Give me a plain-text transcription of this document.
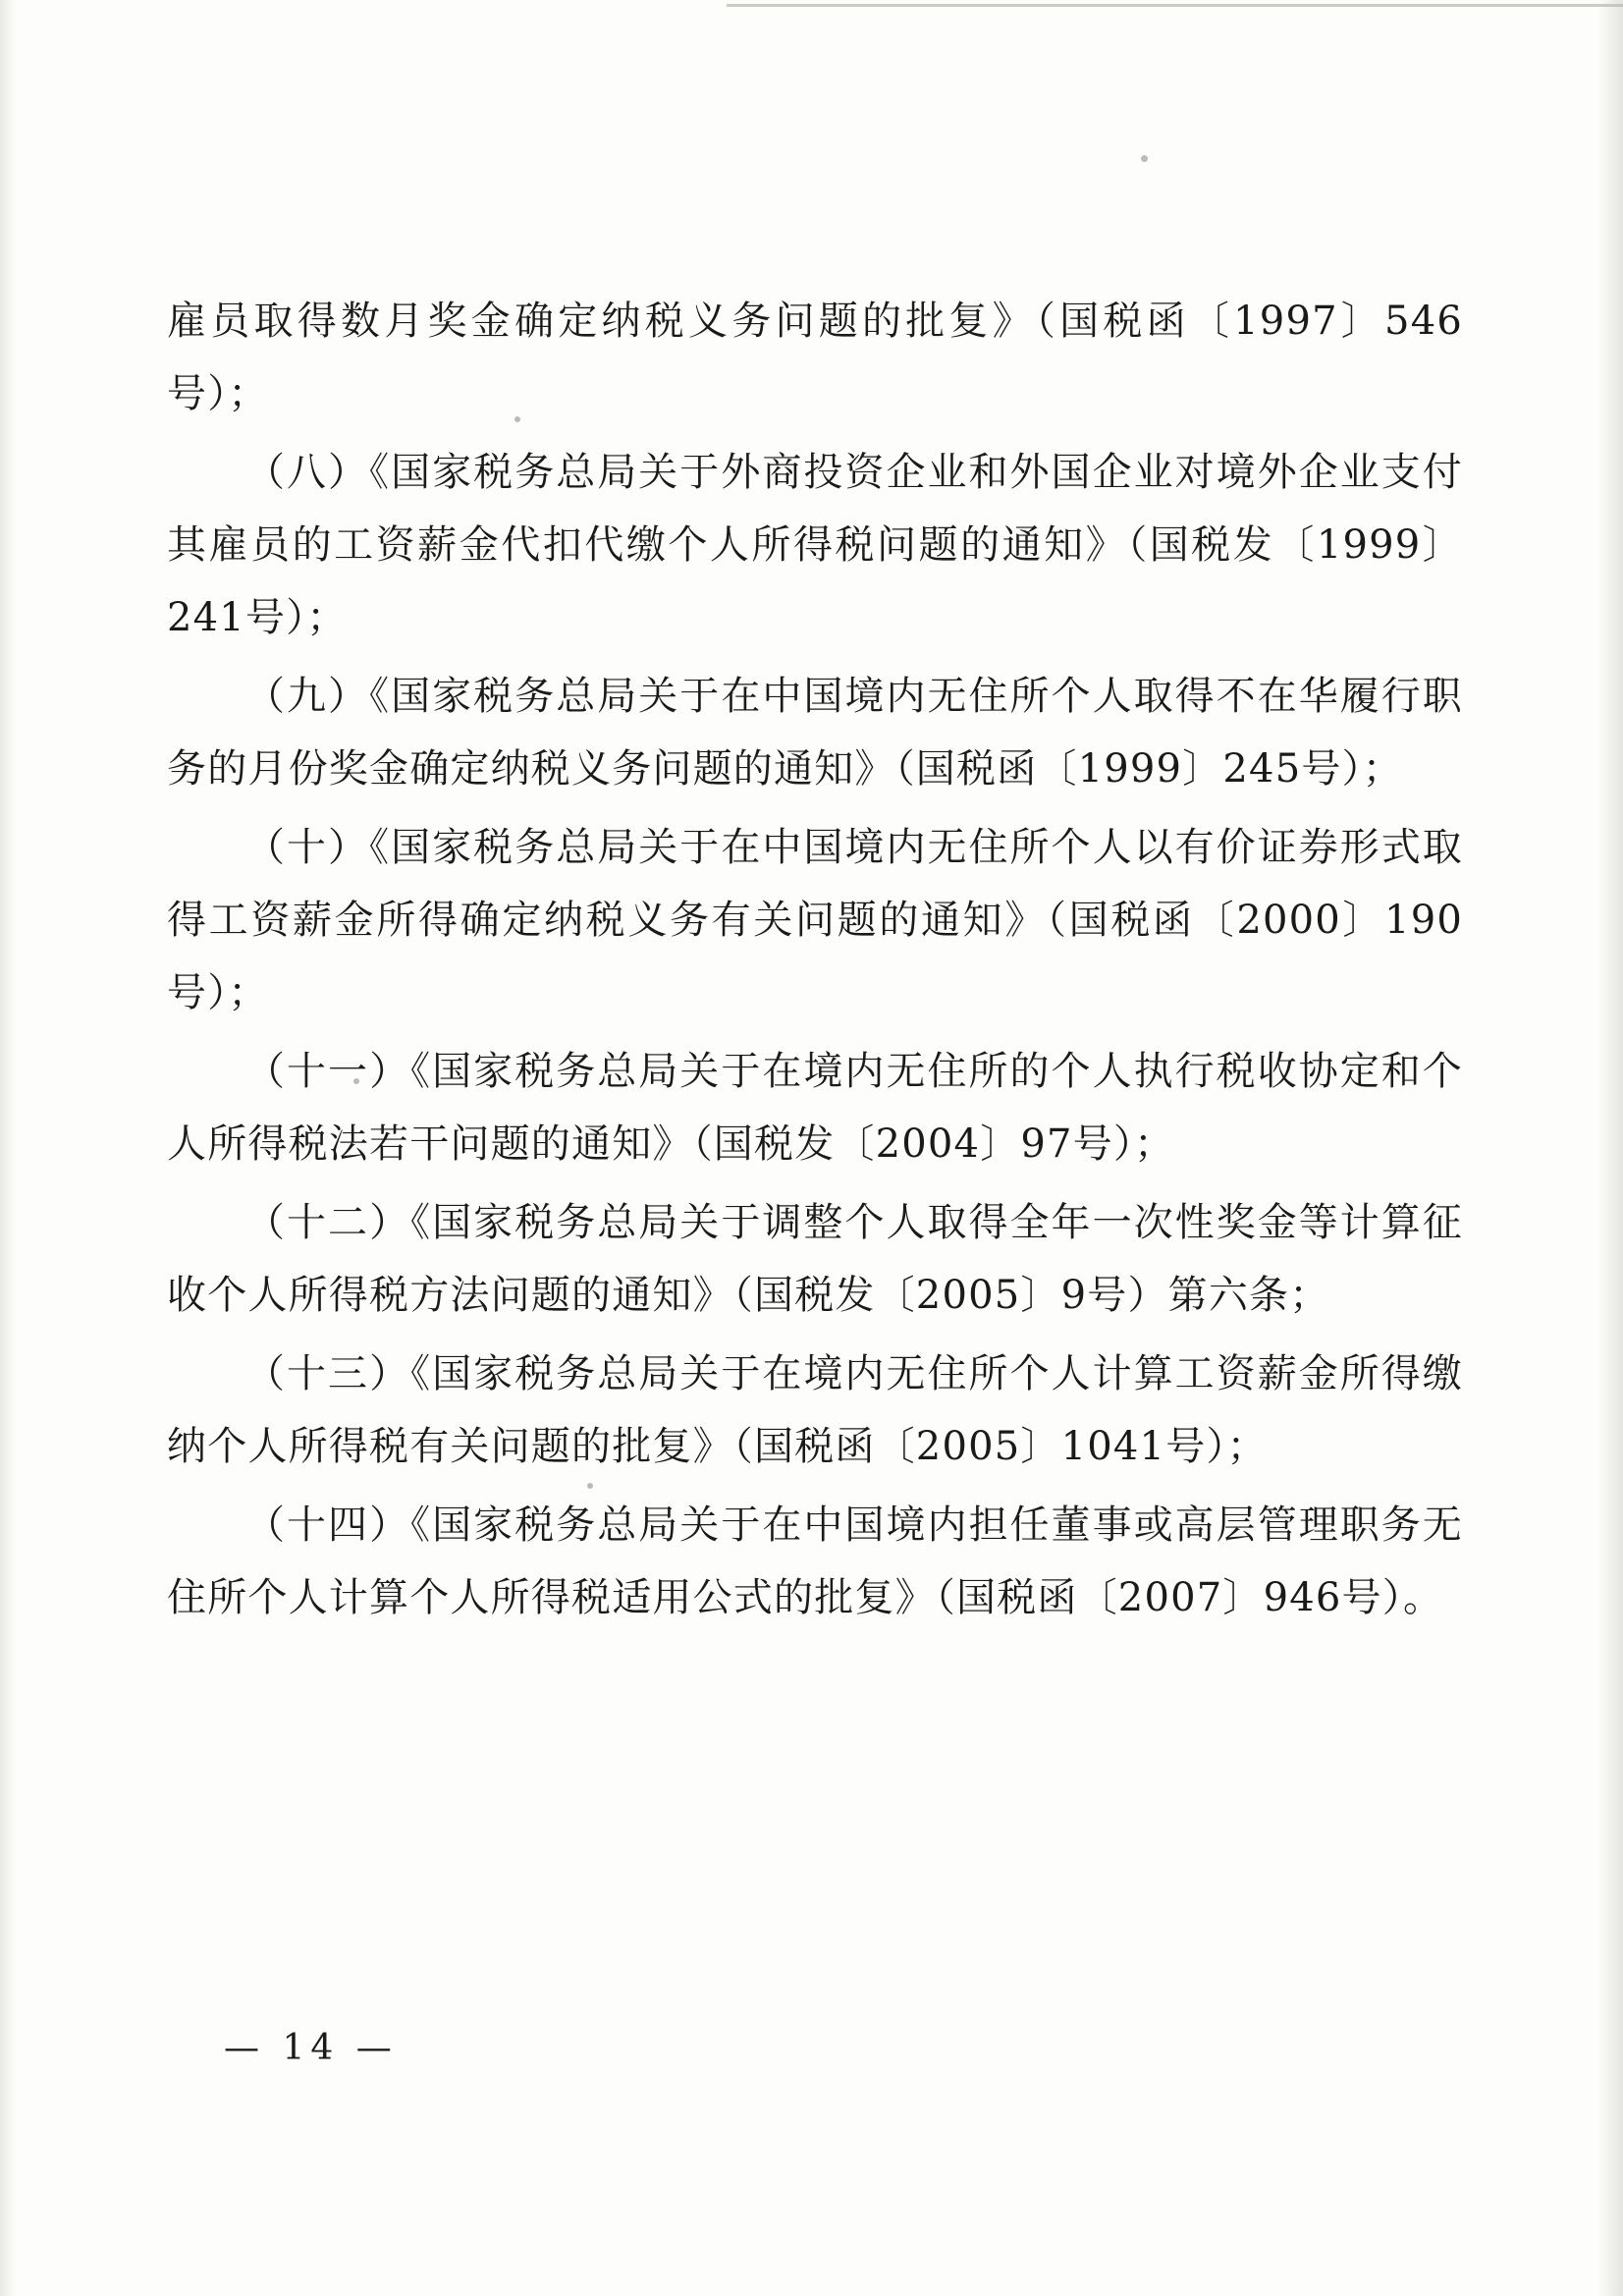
雇员取得数月奖金确定纳税义务问题的批复》（国税函〔1997〕546号）；

（八）《国家税务总局关于外商投资企业和外国企业对境外企业支付其雇员的工资薪金代扣代缴个人所得税问题的通知》（国税发〔1999〕241号）；

（九）《国家税务总局关于在中国境内无住所个人取得不在华履行职务的月份奖金确定纳税义务问题的通知》（国税函〔1999〕245号）；

（十）《国家税务总局关于在中国境内无住所个人以有价证券形式取得工资薪金所得确定纳税义务有关问题的通知》（国税函〔2000〕190号）；

（十一）《国家税务总局关于在境内无住所的个人执行税收协定和个人所得税法若干问题的通知》（国税发〔2004〕97号）；

（十二）《国家税务总局关于调整个人取得全年一次性奖金等计算征收个人所得税方法问题的通知》（国税发〔2005〕9号）第六条；

（十三）《国家税务总局关于在境内无住所个人计算工资薪金所得缴纳个人所得税有关问题的批复》（国税函〔2005〕1041号）；

（十四）《国家税务总局关于在中国境内担任董事或高层管理职务无住所个人计算个人所得税适用公式的批复》（国税函〔2007〕946号）。

— 14 —
